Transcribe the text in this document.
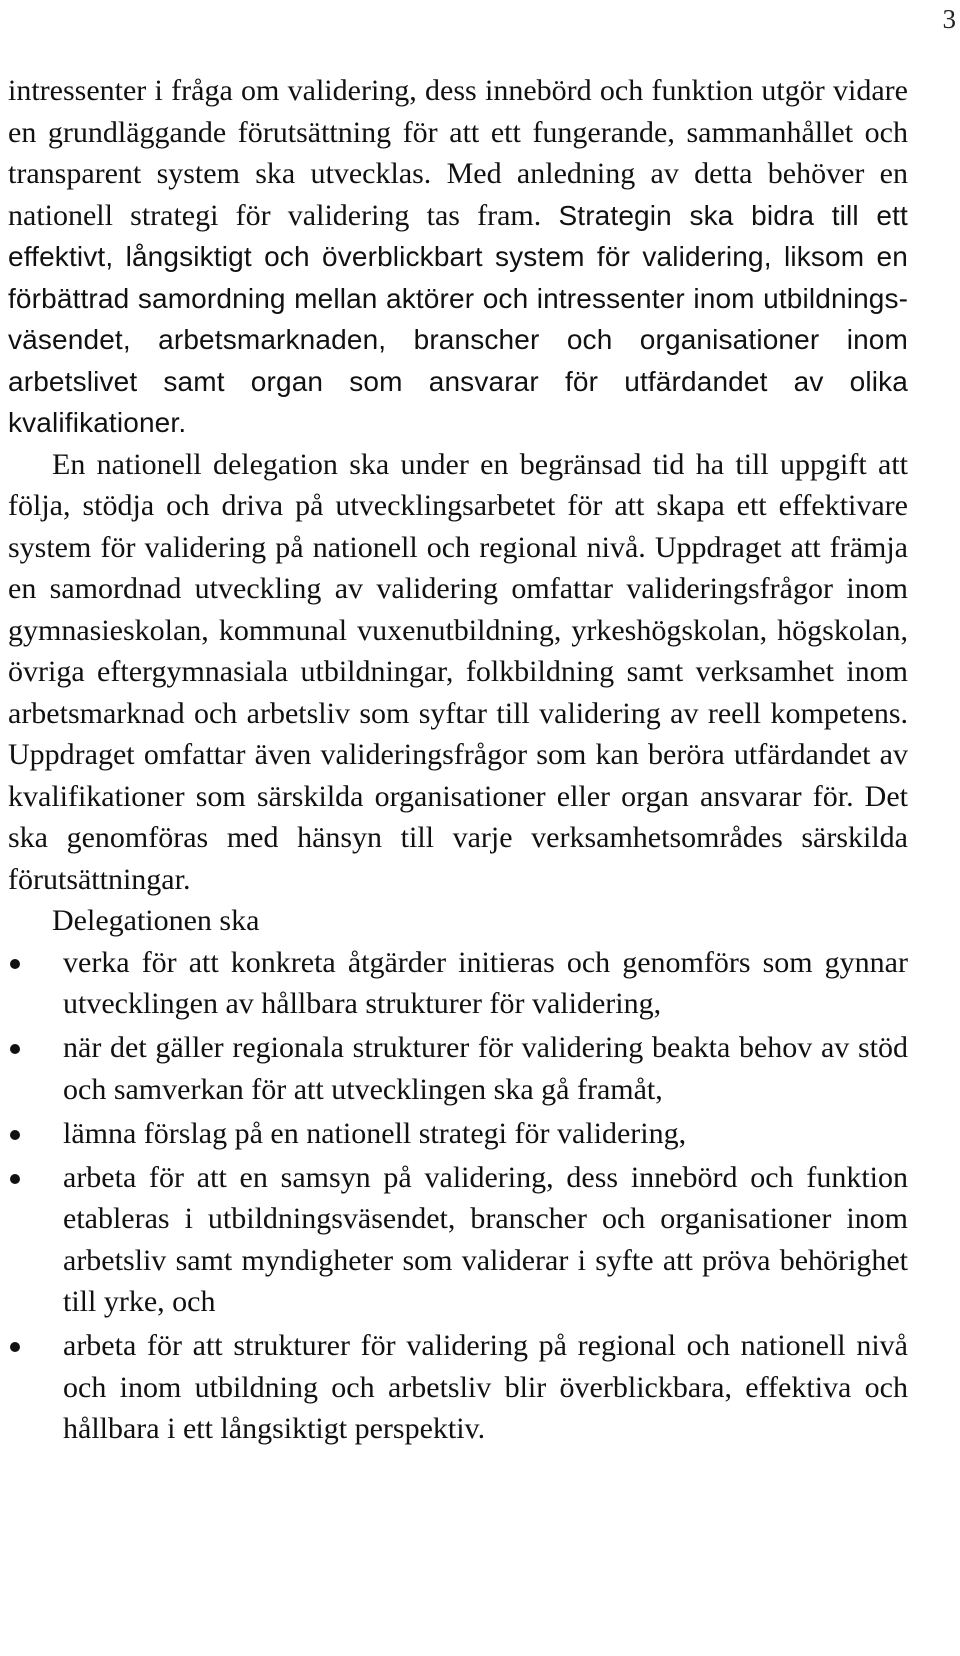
3

intressenter i fråga om validering, dess innebörd och funktion utgör vidare en grundläggande förutsättning för att ett fungerande, sammanhållet och transparent system ska utvecklas. Med anledning av detta behöver en nationell strategi för validering tas fram. Strategin ska bidra till ett effektivt, långsiktigt och överblickbart system för validering, liksom en förbättrad samordning mellan aktörer och intressenter inom utbildningsväsendet, arbetsmarknaden, branscher och organisationer inom arbetslivet samt organ som ansvarar för utfärdandet av olika kvalifikationer.

En nationell delegation ska under en begränsad tid ha till uppgift att följa, stödja och driva på utvecklingsarbetet för att skapa ett effektivare system för validering på nationell och regional nivå. Uppdraget att främja en samordnad utveckling av validering omfattar valideringsfrågor inom gymnasieskolan, kommunal vuxenutbildning, yrkeshögskolan, högskolan, övriga eftergymnasiala utbildningar, folkbildning samt verksamhet inom arbetsmarknad och arbetsliv som syftar till validering av reell kompetens. Uppdraget omfattar även valideringsfrågor som kan beröra utfärdandet av kvalifikationer som särskilda organisationer eller organ ansvarar för. Det ska genomföras med hänsyn till varje verksamhetsområdes särskilda förutsättningar.

Delegationen ska

verka för att konkreta åtgärder initieras och genomförs som gynnar utvecklingen av hållbara strukturer för validering,
när det gäller regionala strukturer för validering beakta behov av stöd och samverkan för att utvecklingen ska gå framåt,
lämna förslag på en nationell strategi för validering,
arbeta för att en samsyn på validering, dess innebörd och funktion etableras i utbildningsväsendet, branscher och organisationer inom arbetsliv samt myndigheter som validerar i syfte att pröva behörighet till yrke, och
arbeta för att strukturer för validering på regional och nationell nivå och inom utbildning och arbetsliv blir överblickbara, effektiva och hållbara i ett långsiktigt perspektiv.
